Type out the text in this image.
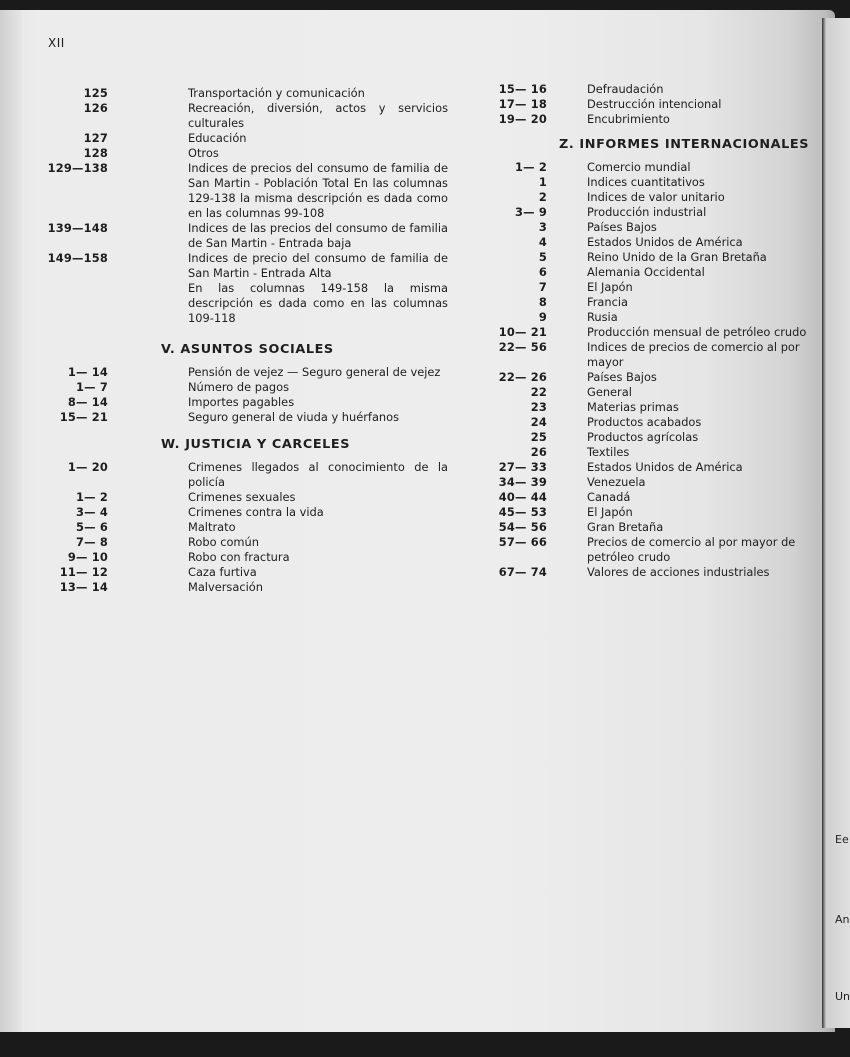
Ee
An
Un
XII
125	Transportación y comunicación
126	Recreación, diversión, actos y servicios culturales
127	Educación
128	Otros
129—138	Indices de precios del consumo de familia de San Martin - Población Total En las columnas 129-138 la misma descripción es dada como en las columnas 99-108
139—148	Indices de las precios del consumo de familia de San Martin - Entrada baja
149—158	Indices de precio del consumo de familia de San Martin - Entrada Alta
En las columnas 149-158 la misma descripción es dada como en las columnas 109-118
V. ASUNTOS SOCIALES
1— 14	Pensión de vejez — Seguro general de vejez
1— 7	Número de pagos
8— 14	Importes pagables
15— 21	Seguro general de viuda y huérfanos
W. JUSTICIA Y CARCELES
1— 20	Crimenes llegados al conocimiento de la policía
1— 2	Crimenes sexuales
3— 4	Crimenes contra la vida
5— 6	Maltrato
7— 8	Robo común
9— 10	Robo con fractura
11— 12	Caza furtiva
13— 14	Malversación
15— 16	Defraudación
17— 18	Destrucción intencional
19— 20	Encubrimiento
Z. INFORMES INTERNACIONALES
1— 2	Comercio mundial
1	Indices cuantitativos
2	Indices de valor unitario
3— 9	Producción industrial
3	Países Bajos
4	Estados Unidos de América
5	Reino Unido de la Gran Bretaña
6	Alemania Occidental
7	El Japón
8	Francia
9	Rusia
10— 21	Producción mensual de petróleo crudo
22— 56	Indices de precios de comercio al por mayor
22— 26	Países Bajos
22	General
23	Materias primas
24	Productos acabados
25	Productos agrícolas
26	Textiles
27— 33	Estados Unidos de América
34— 39	Venezuela
40— 44	Canadá
45— 53	El Japón
54— 56	Gran Bretaña
57— 66	Precios de comercio al por mayor de petróleo crudo
67— 74	Valores de acciones industriales
